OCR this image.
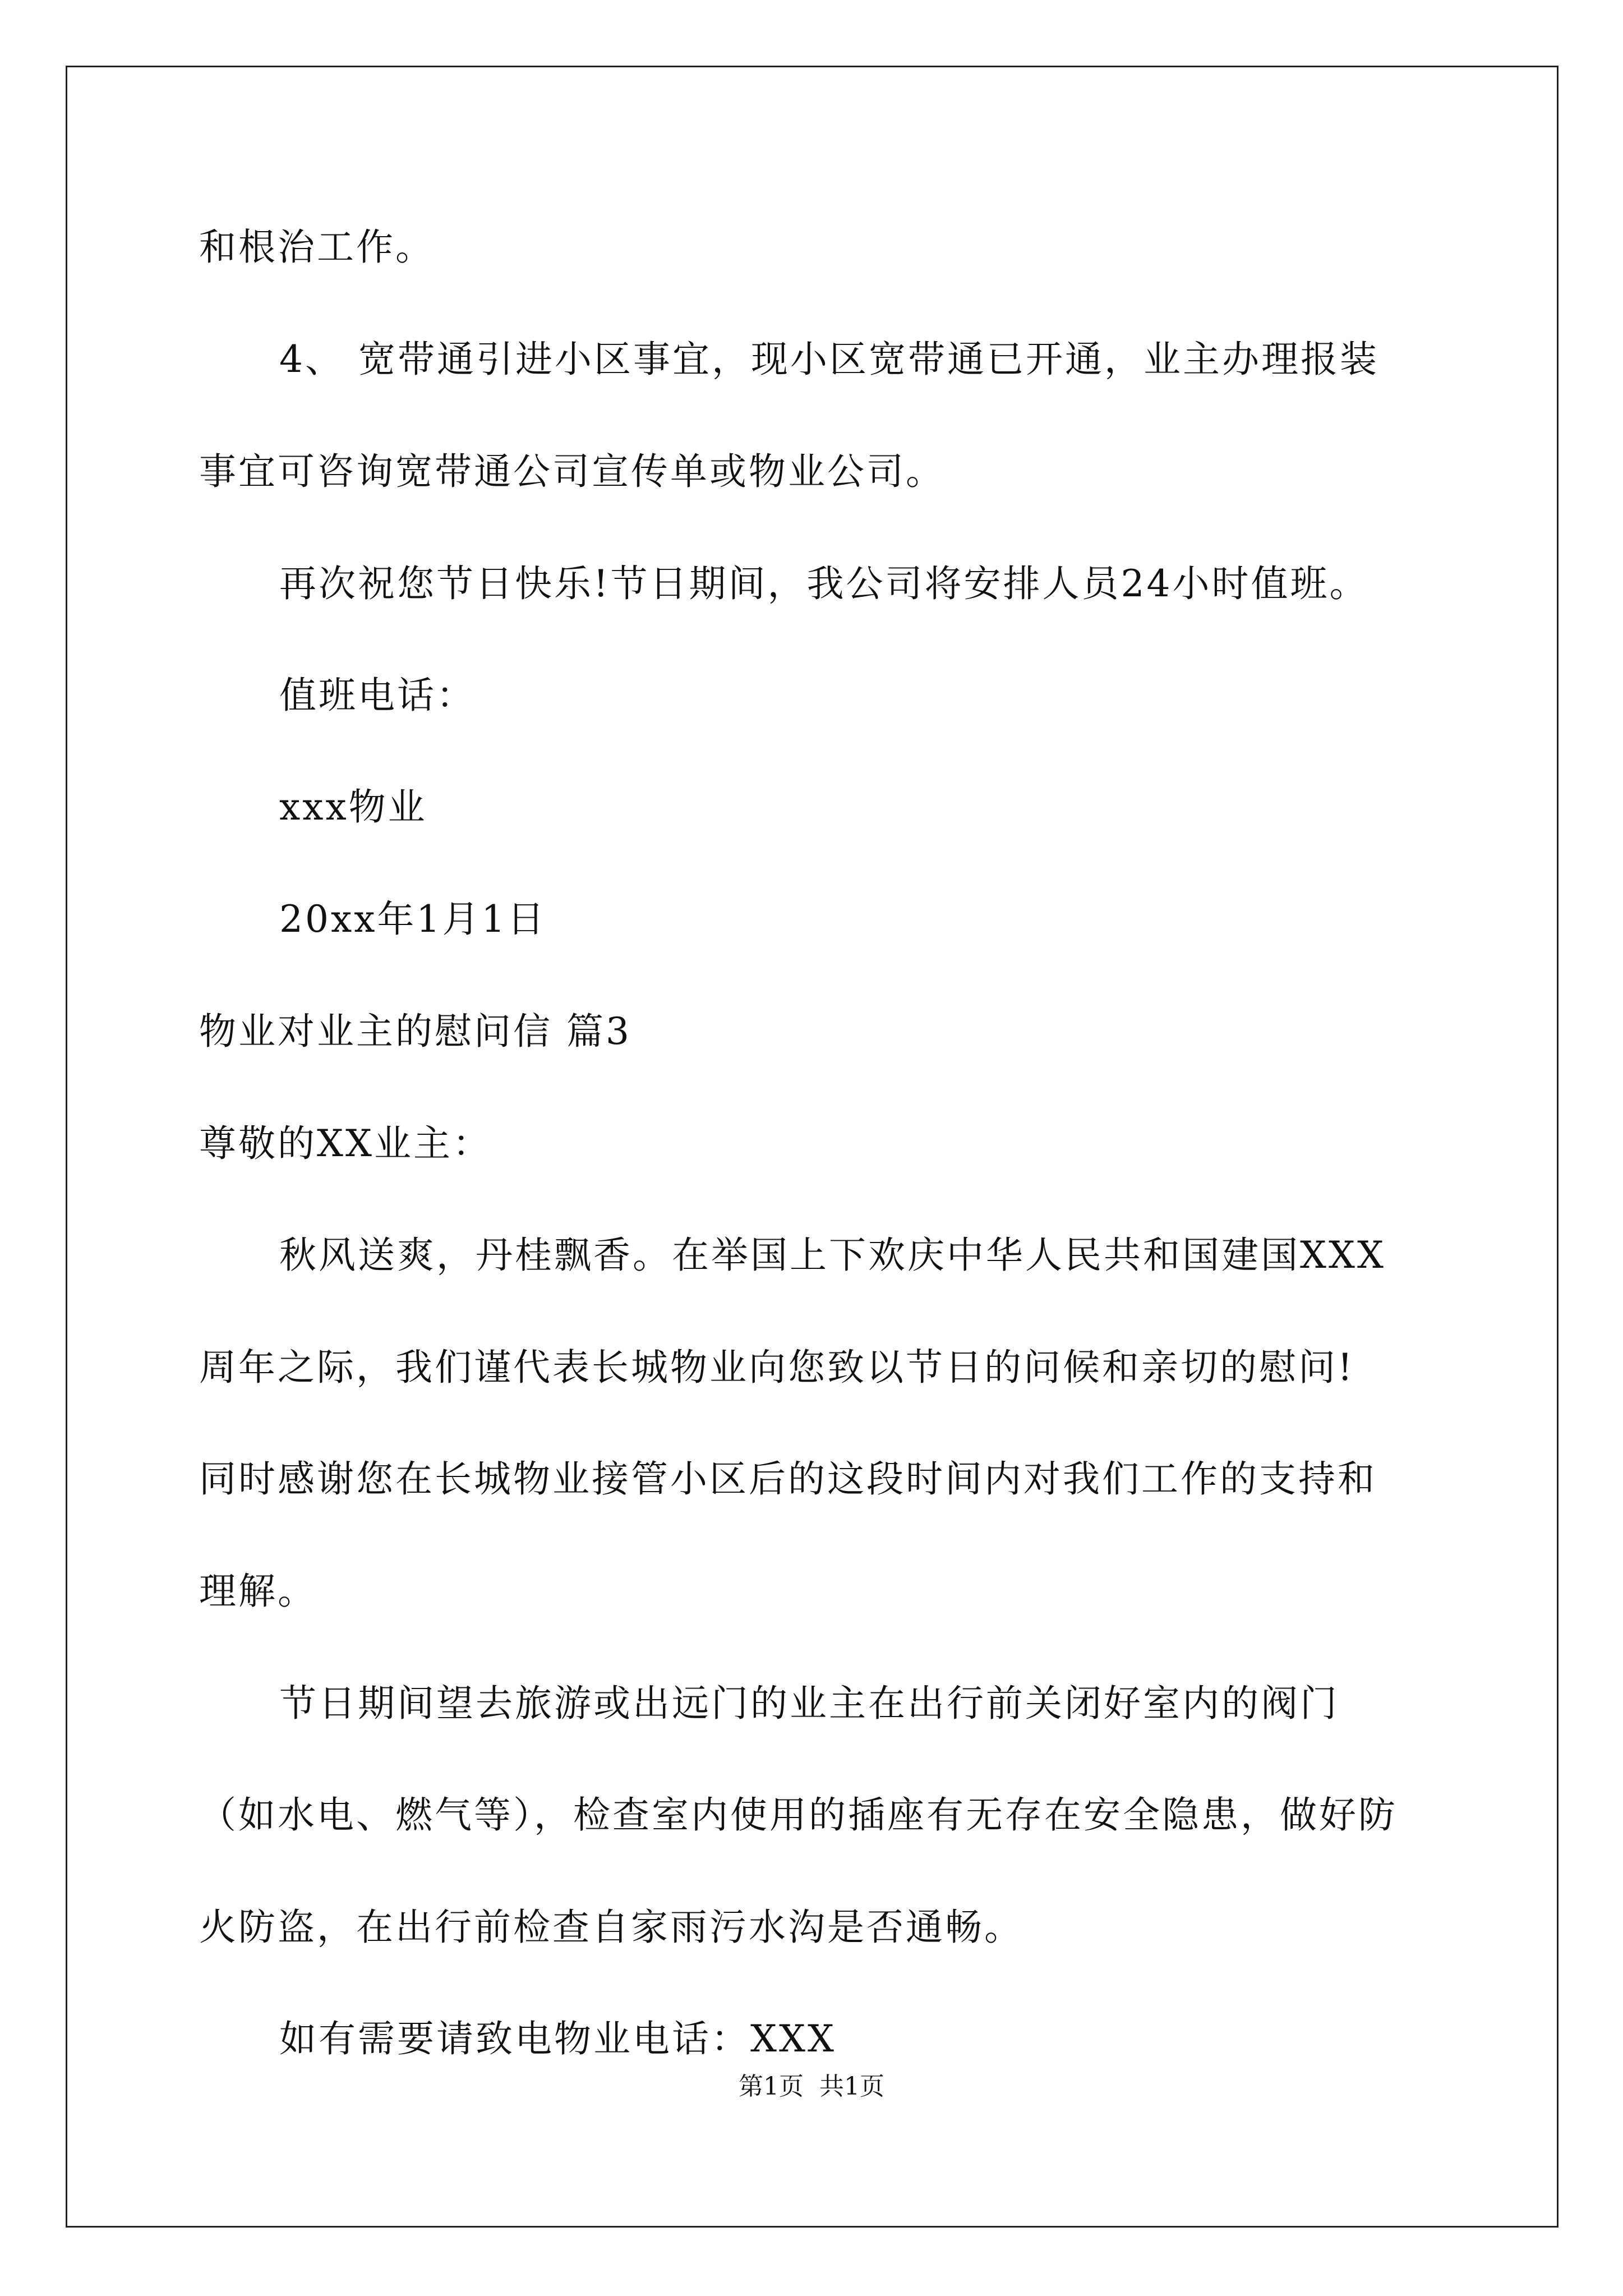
和根治工作。
4、 宽带通引进小区事宜，现小区宽带通已开通，业主办理报装
事宜可咨询宽带通公司宣传单或物业公司。
再次祝您节日快乐!节日期间，我公司将安排人员24小时值班。
值班电话：
xxx物业
20xx年1月1日
物业对业主的慰问信 篇3
尊敬的XX业主：
秋风送爽，丹桂飘香。在举国上下欢庆中华人民共和国建国XXX
周年之际，我们谨代表长城物业向您致以节日的问候和亲切的慰问!
同时感谢您在长城物业接管小区后的这段时间内对我们工作的支持和
理解。
节日期间望去旅游或出远门的业主在出行前关闭好室内的阀门
（如水电、燃气等），检查室内使用的插座有无存在安全隐患，做好防
火防盗，在出行前检查自家雨污水沟是否通畅。
如有需要请致电物业电话：XXX
第1页  共1页
